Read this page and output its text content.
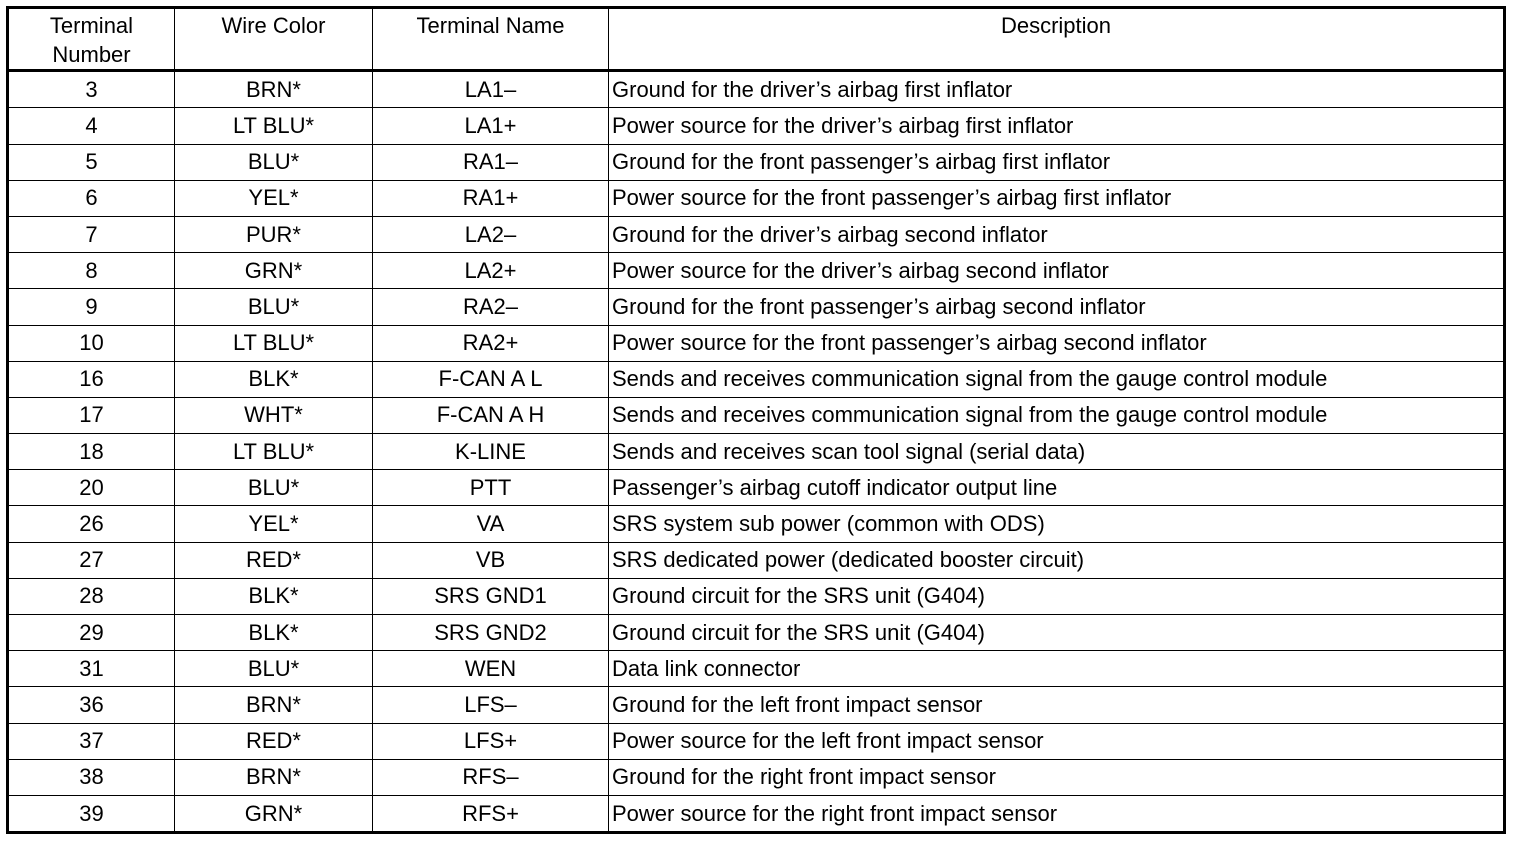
Terminal
Number	Wire Color	Terminal Name	Description
3	BRN*	LA1–	Ground for the driver’s airbag first inflator
4	LT BLU*	LA1+	Power source for the driver’s airbag first inflator
5	BLU*	RA1–	Ground for the front passenger’s airbag first inflator
6	YEL*	RA1+	Power source for the front passenger’s airbag first inflator
7	PUR*	LA2–	Ground for the driver’s airbag second inflator
8	GRN*	LA2+	Power source for the driver’s airbag second inflator
9	BLU*	RA2–	Ground for the front passenger’s airbag second inflator
10	LT BLU*	RA2+	Power source for the front passenger’s airbag second inflator
16	BLK*	F-CAN A L	Sends and receives communication signal from the gauge control module
17	WHT*	F-CAN A H	Sends and receives communication signal from the gauge control module
18	LT BLU*	K-LINE	Sends and receives scan tool signal (serial data)
20	BLU*	PTT	Passenger’s airbag cutoff indicator output line
26	YEL*	VA	SRS system sub power (common with ODS)
27	RED*	VB	SRS dedicated power (dedicated booster circuit)
28	BLK*	SRS GND1	Ground circuit for the SRS unit (G404)
29	BLK*	SRS GND2	Ground circuit for the SRS unit (G404)
31	BLU*	WEN	Data link connector
36	BRN*	LFS–	Ground for the left front impact sensor
37	RED*	LFS+	Power source for the left front impact sensor
38	BRN*	RFS–	Ground for the right front impact sensor
39	GRN*	RFS+	Power source for the right front impact sensor
